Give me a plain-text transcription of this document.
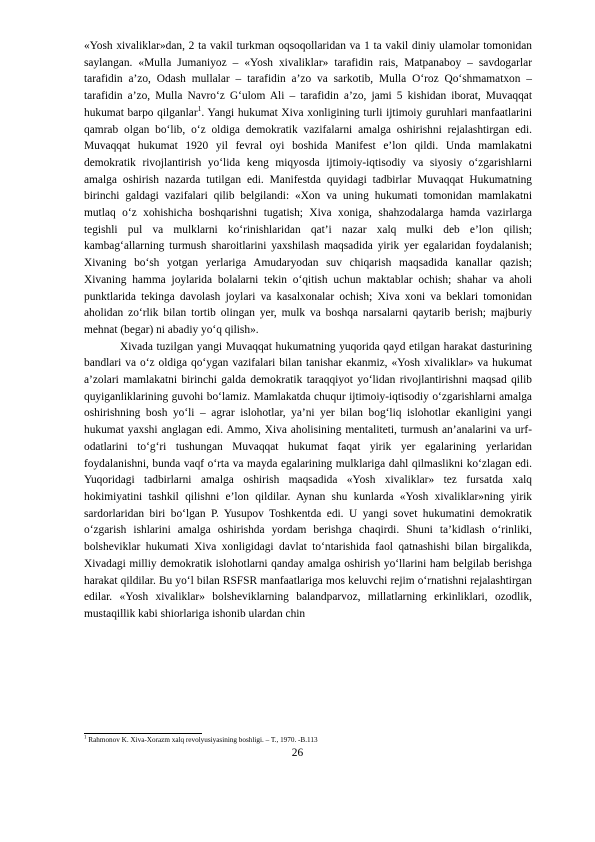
«Yosh xivaliklar»dan, 2 ta vakil turkman oqsoqollaridan va 1 ta vakil diniy ulamolar tomonidan saylangan. «Mulla Jumaniyoz – «Yosh xivaliklar» tarafidin rais, Matpanaboy – savdogarlar tarafidin a’zo, Odash mullalar – tarafidin a’zo va sarkotib, Mulla O‘roz Qo‘shmamatxon – tarafidin a’zo, Mulla Navro‘z G‘ulom Ali – tarafidin a’zo, jami 5 kishidan iborat, Muvaqqat hukumat barpo qilganlar$^1$. Yangi hukumat Xiva xonligining turli ijtimoiy guruhlari manfaatlarini qamrab olgan bo‘lib, o‘z oldiga demokratik vazifalarni amalga oshirishni rejalashtirgan edi. Muvaqqat hukumat 1920 yil fevral oyi boshida Manifest e’lon qildi. Unda mamlakatni demokratik rivojlantirish yo‘lida keng miqyosda ijtimoiy-iqtisodiy va siyosiy o‘zgarishlarni amalga oshirish nazarda tutilgan edi. Manifestda quyidagi tadbirlar Muvaqqat Hukumatning birinchi galdagi vazifalari qilib belgilandi: «Xon va uning hukumati tomonidan mamlakatni mutlaq o‘z xohishicha boshqarishni tugatish; Xiva xoniga, shahzodalarga hamda vazirlarga tegishli pul va mulklarni ko‘rinishlaridan qat’i nazar xalq mulki deb e’lon qilish; kambag‘allarning turmush sharoitlarini yaxshilash maqsadida yirik yer egalaridan foydalanish; Xivaning bo‘sh yotgan yerlariga Amudaryodan suv chiqarish maqsadida kanallar qazish; Xivaning hamma joylarida bolalarni tekin o‘qitish uchun maktablar ochish; shahar va aholi punktlarida tekinga davolash joylari va kasalxonalar ochish; Xiva xoni va beklari tomonidan aholidan zo‘rlik bilan tortib olingan yer, mulk va boshqa narsalarni qaytarib berish; majburiy mehnat (begar) ni abadiy yo‘q qilish».

Xivada tuzilgan yangi Muvaqqat hukumatning yuqorida qayd etilgan harakat dasturining bandlari va o‘z oldiga qo‘ygan vazifalari bilan tanishar ekanmiz, «Yosh xivaliklar» va hukumat a’zolari mamlakatni birinchi galda demokratik taraqqiyot yo‘lidan rivojlantirishni maqsad qilib quyiganliklarining guvohi bo‘lamiz. Mamlakatda chuqur ijtimoiy-iqtisodiy o‘zgarishlarni amalga oshirishning bosh yo‘li – agrar islohotlar, ya’ni yer bilan bog‘liq islohotlar ekanligini yangi hukumat yaxshi anglagan edi. Ammo, Xiva aholisining mentaliteti, turmush an’analarini va urf-odatlarini to‘g‘ri tushungan Muvaqqat hukumat faqat yirik yer egalarining yerlaridan foydalanishni, bunda vaqf o‘rta va mayda egalarining mulklariga dahl qilmaslikni ko‘zlagan edi. Yuqoridagi tadbirlarni amalga oshirish maqsadida «Yosh xivaliklar» tez fursatda xalq hokimiyatini tashkil qilishni e’lon qildilar. Aynan shu kunlarda «Yosh xivaliklar»ning yirik sardorlaridan biri bo‘lgan P. Yusupov Toshkentda edi. U yangi sovet hukumatini demokratik o‘zgarish ishlarini amalga oshirishda yordam berishga chaqirdi. Shuni ta’kidlash o‘rinliki, bolsheviklar hukumati Xiva xonligidagi davlat to‘ntarishida faol qatnashishi bilan birgalikda, Xivadagi milliy demokratik islohotlarni qanday amalga oshirish yo‘llarini ham belgilab berishga harakat qildilar. Bu yo‘l bilan RSFSR manfaatlariga mos keluvchi rejim o‘rnatishni rejalashtirgan edilar. «Yosh xivaliklar» bolsheviklarning balandparvoz, millatlarning erkinliklari, ozodlik, mustaqillik kabi shiorlariga ishonib ulardan chin

$^1$ Rahmonov K. Xiva-Xorazm xalq revolyusiyasining boshligi. – T., 1970. -B.113
26
